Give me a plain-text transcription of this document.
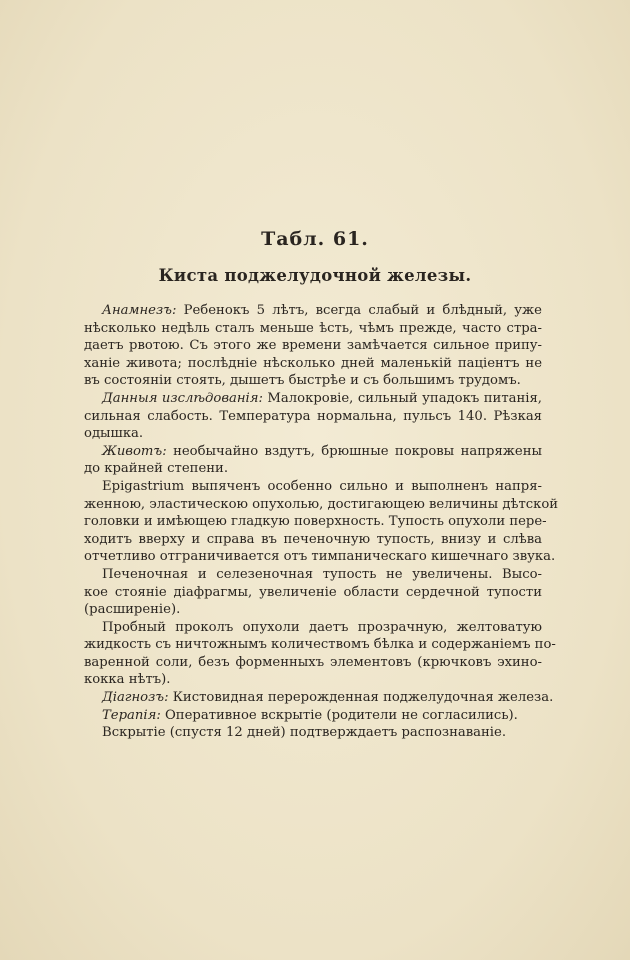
Табл. 61.
Киста поджелудочной железы.
Анамнезъ: Ребенокъ 5 лѣтъ, всегда слабый и блѣдный, уже
нѣсколько недѣль сталъ меньше ѣсть, чѣмъ прежде, часто стра-
даетъ рвотою. Съ этого же времени замѣчается сильное припу-
ханіе живота; послѣдніе нѣсколько дней маленькій паціентъ не
въ состояніи стоять, дышетъ быстрѣе и съ большимъ трудомъ.
Данныя изслѣдованія: Малокровіе, сильный упадокъ питанія,
сильная слабость. Температура нормальна, пульсъ 140. Рѣзкая
одышка.
Животъ: необычайно вздутъ, брюшные покровы напряжены
до крайней степени.
Epigastrium выпяченъ особенно сильно и выполненъ напря-
женною, эластическою опухолью, достигающею величины дѣтской
головки и имѣющею гладкую поверхность. Тупость опухоли пере-
ходитъ вверху и справа въ печеночную тупость, внизу и слѣва
отчетливо отграничивается отъ тимпаническаго кишечнаго звука.
Печеночная и селезеночная тупость не увеличены. Высо-
кое стояніе діафрагмы, увеличеніе области сердечной тупости
(расширеніе).
Пробный проколъ опухоли даетъ прозрачную, желтоватую
жидкость съ ничтожнымъ количествомъ бѣлка и содержаніемъ по-
варенной соли, безъ форменныхъ элементовъ (крючковъ эхино-
кокка нѣтъ).
Діагнозъ: Кистовидная перерожденная поджелудочная железа.
Терапія: Оперативное вскрытіе (родители не согласились).
Вскрытіе (спустя 12 дней) подтверждаетъ распознаваніе.
